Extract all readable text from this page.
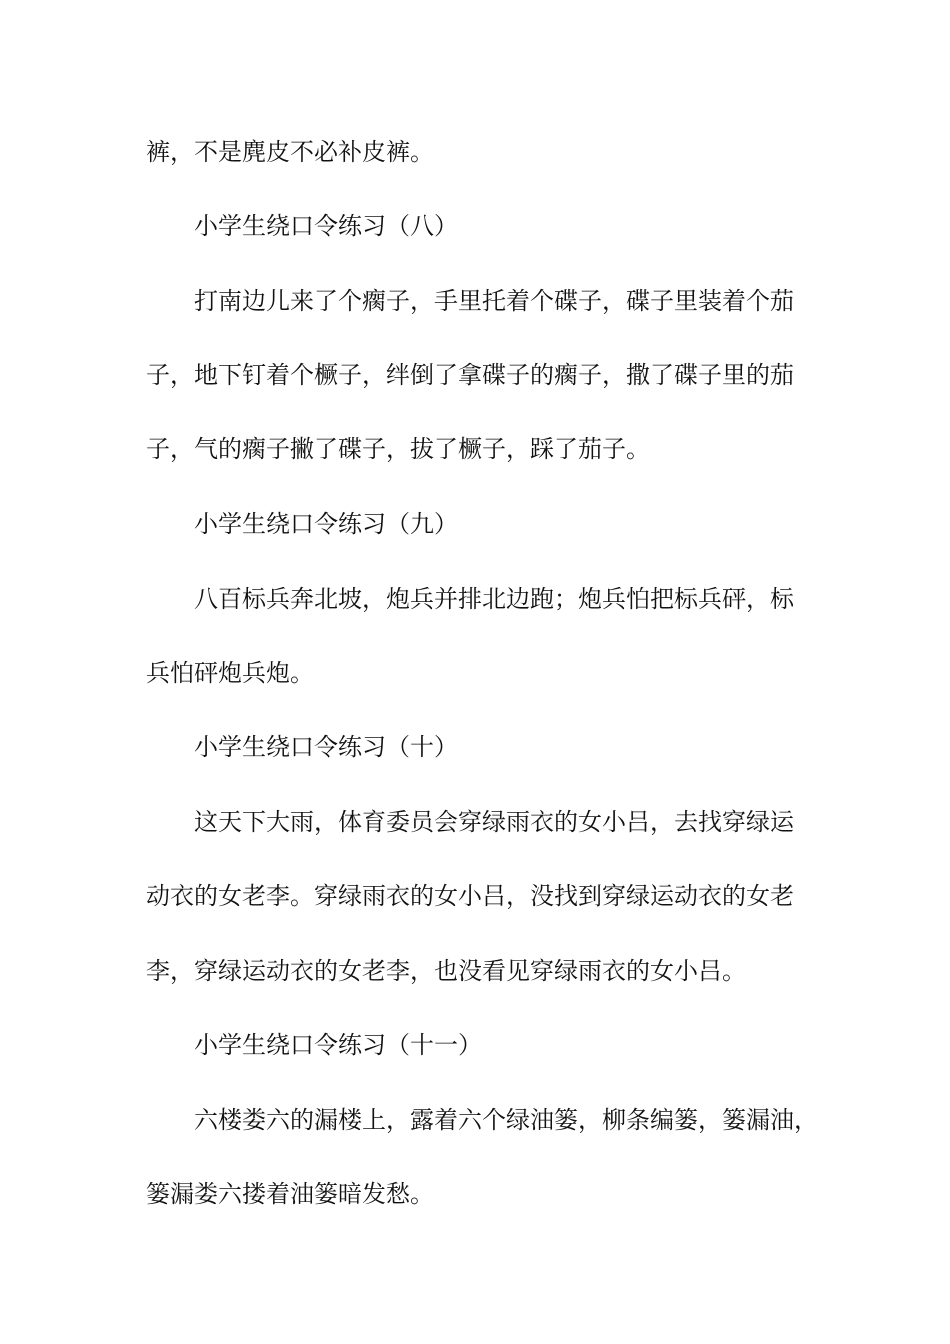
裤，不是麂皮不必补皮裤。
小学生绕口令练习（八）
打南边儿来了个瘸子，手里托着个碟子，碟子里装着个茄
子，地下钉着个橛子，绊倒了拿碟子的瘸子，撒了碟子里的茄
子，气的瘸子撇了碟子，拔了橛子，踩了茄子。
小学生绕口令练习（九）
八百标兵奔北坡，炮兵并排北边跑；炮兵怕把标兵砰，标
兵怕砰炮兵炮。
小学生绕口令练习（十）
这天下大雨，体育委员会穿绿雨衣的女小吕，去找穿绿运
动衣的女老李。穿绿雨衣的女小吕，没找到穿绿运动衣的女老
李，穿绿运动衣的女老李，也没看见穿绿雨衣的女小吕。
小学生绕口令练习（十一）
六楼娄六的漏楼上，露着六个绿油篓，柳条编篓，篓漏油，
篓漏娄六搂着油篓暗发愁。
